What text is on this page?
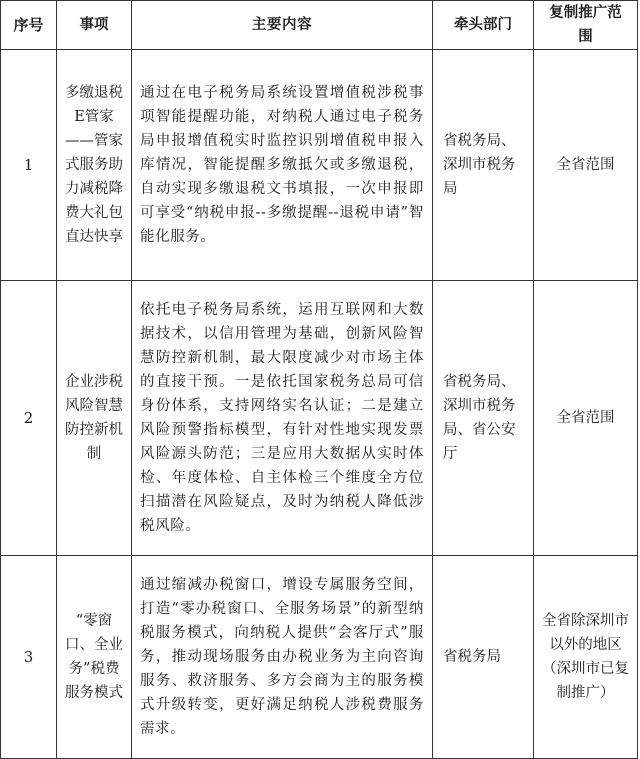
序号	事项	主要内容	牵头部门	复制推广范围
1	多缴退税E管家——管家式服务助力减税降费大礼包直达快享	通过在电子税务局系统设置增值税涉税事项智能提醒功能，对纳税人通过电子税务局申报增值税实时监控识别增值税申报入库情况，智能提醒多缴抵欠或多缴退税，自动实现多缴退税文书填报，一次申报即可享受“纳税申报--多缴提醒--退税申请”智能化服务。	省税务局、深圳市税务局	全省范围
2	企业涉税风险智慧防控新机制	依托电子税务局系统，运用互联网和大数据技术，以信用管理为基础，创新风险智慧防控新机制，最大限度减少对市场主体的直接干预。一是依托国家税务总局可信身份体系，支持网络实名认证；二是建立风险预警指标模型，有针对性地实现发票风险源头防范；三是应用大数据从实时体检、年度体检、自主体检三个维度全方位扫描潜在风险疑点，及时为纳税人降低涉税风险。	省税务局、深圳市税务局、省公安厅	全省范围
3	“零窗口、全业务”税费服务模式	通过缩减办税窗口，增设专属服务空间，打造“零办税窗口、全服务场景”的新型纳税服务模式，向纳税人提供“会客厅式”服务，推动现场服务由办税业务为主向咨询服务、救济服务、多方会商为主的服务模式升级转变，更好满足纳税人涉税费服务需求。	省税务局	全省除深圳市以外的地区（深圳市已复制推广）
